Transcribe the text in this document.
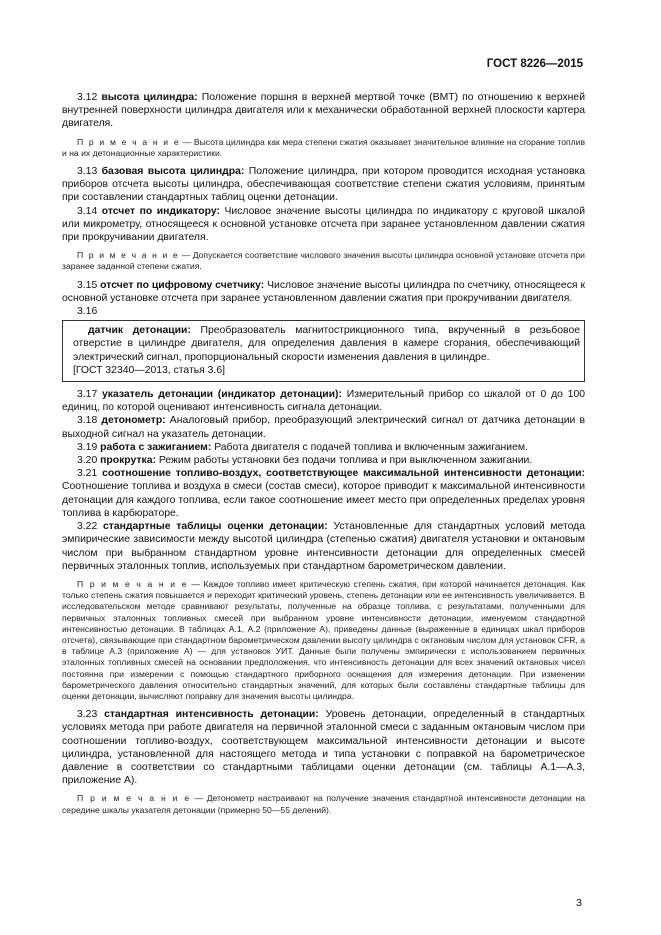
ГОСТ 8226—2015

3.12 высота цилиндра: Положение поршня в верхней мертвой точке (ВМТ) по отношению к верхней внутренней поверхности цилиндра двигателя или к механически обработанной верхней плоскости картера двигателя.

П р и м е ч а н и е — Высота цилиндра как мера степени сжатия оказывает значительное влияние на сгорание топлив и на их детонационные характеристики.

3.13 базовая высота цилиндра: Положение цилиндра, при котором проводится исходная установка приборов отсчета высоты цилиндра, обеспечивающая соответствие степени сжатия условиям, принятым при составлении стандартных таблиц оценки детонации.

3.14 отсчет по индикатору: Числовое значение высоты цилиндра по индикатору с круговой шкалой или микрометру, относящееся к основной установке отсчета при заранее установленном давлении сжатия при прокручивании двигателя.

П р и м е ч а н и е — Допускается соответствие числового значения высоты цилиндра основной установке отсчета при заранее заданной степени сжатия.

3.15 отсчет по цифровому счетчику: Числовое значение высоты цилиндра по счетчику, относящееся к основной установке отсчета при заранее установленном давлении сжатия при прокручивании двигателя.

3.16

датчик детонации: Преобразователь магнитострикционного типа, вкрученный в резьбовое отверстие в цилиндре двигателя, для определения давления в камере сгорания, обеспечивающий электрический сигнал, пропорциональный скорости изменения давления в цилиндре.

[ГОСТ 32340—2013, статья 3.6]

3.17 указатель детонации (индикатор детонации): Измерительный прибор со шкалой от 0 до 100 единиц, по которой оценивают интенсивность сигнала детонации.

3.18 детонометр: Аналоговый прибор, преобразующий электрический сигнал от датчика детонации в выходной сигнал на указатель детонации.

3.19 работа с зажиганием: Работа двигателя с подачей топлива и включенным зажиганием.

3.20 прокрутка: Режим работы установки без подачи топлива и при выключенном зажигании.

3.21 соотношение топливо-воздух, соответствующее максимальной интенсивности детонации: Соотношение топлива и воздуха в смеси (состав смеси), которое приводит к максимальной интенсивности детонации для каждого топлива, если такое соотношение имеет место при определенных пределах уровня топлива в карбюраторе.

3.22 стандартные таблицы оценки детонации: Установленные для стандартных условий метода эмпирические зависимости между высотой цилиндра (степенью сжатия) двигателя установки и октановым числом при выбранном стандартном уровне интенсивности детонации для определенных смесей первичных эталонных топлив, используемых при стандартном барометрическом давлении.

П р и м е ч а н и е — Каждое топливо имеет критическую степень сжатия, при которой начинается детонация. Как только степень сжатия повышается и переходит критический уровень, степень детонации или ее интенсивность увеличивается. В исследовательском методе сравнивают результаты, полученные на образце топлива, с результатами, полученными для первичных эталонных топливных смесей при выбранном уровне интенсивности детонации, именуемом стандартной интенсивностью детонации. В таблицах А.1, А.2 (приложение А), приведены данные (выраженные в единицах шкал приборов отсчета), связывающие при стандартном барометрическом давлении высоту цилиндра с октановым числом для установок CFR, а в таблице А.3 (приложение А) — для установок УИТ. Данные были получены эмпирически с использованием первичных эталонных топливных смесей на основании предположения, что интенсивность детонации для всех значений октановых чисел постоянна при измерении с помощью стандартного приборного оснащения для измерения детонации. При изменении барометрического давления относительно стандартных значений, для которых были составлены стандартные таблицы для оценки детонации, вычисляют поправку для значения высоты цилиндра.

3.23 стандартная интенсивность детонации: Уровень детонации, определенный в стандартных условиях метода при работе двигателя на первичной эталонной смеси с заданным октановым числом при соотношении топливо-воздух, соответствующем максимальной интенсивности детонации и высоте цилиндра, установленной для настоящего метода и типа установки с поправкой на барометрическое давление в соответствии со стандартными таблицами оценки детонации (см. таблицы А.1—А.3, приложение А).

П р и м е ч а н и е — Детонометр настраивают на получение значения стандартной интенсивности детонации на середине шкалы указателя детонации (примерно 50—55 делений).

3
